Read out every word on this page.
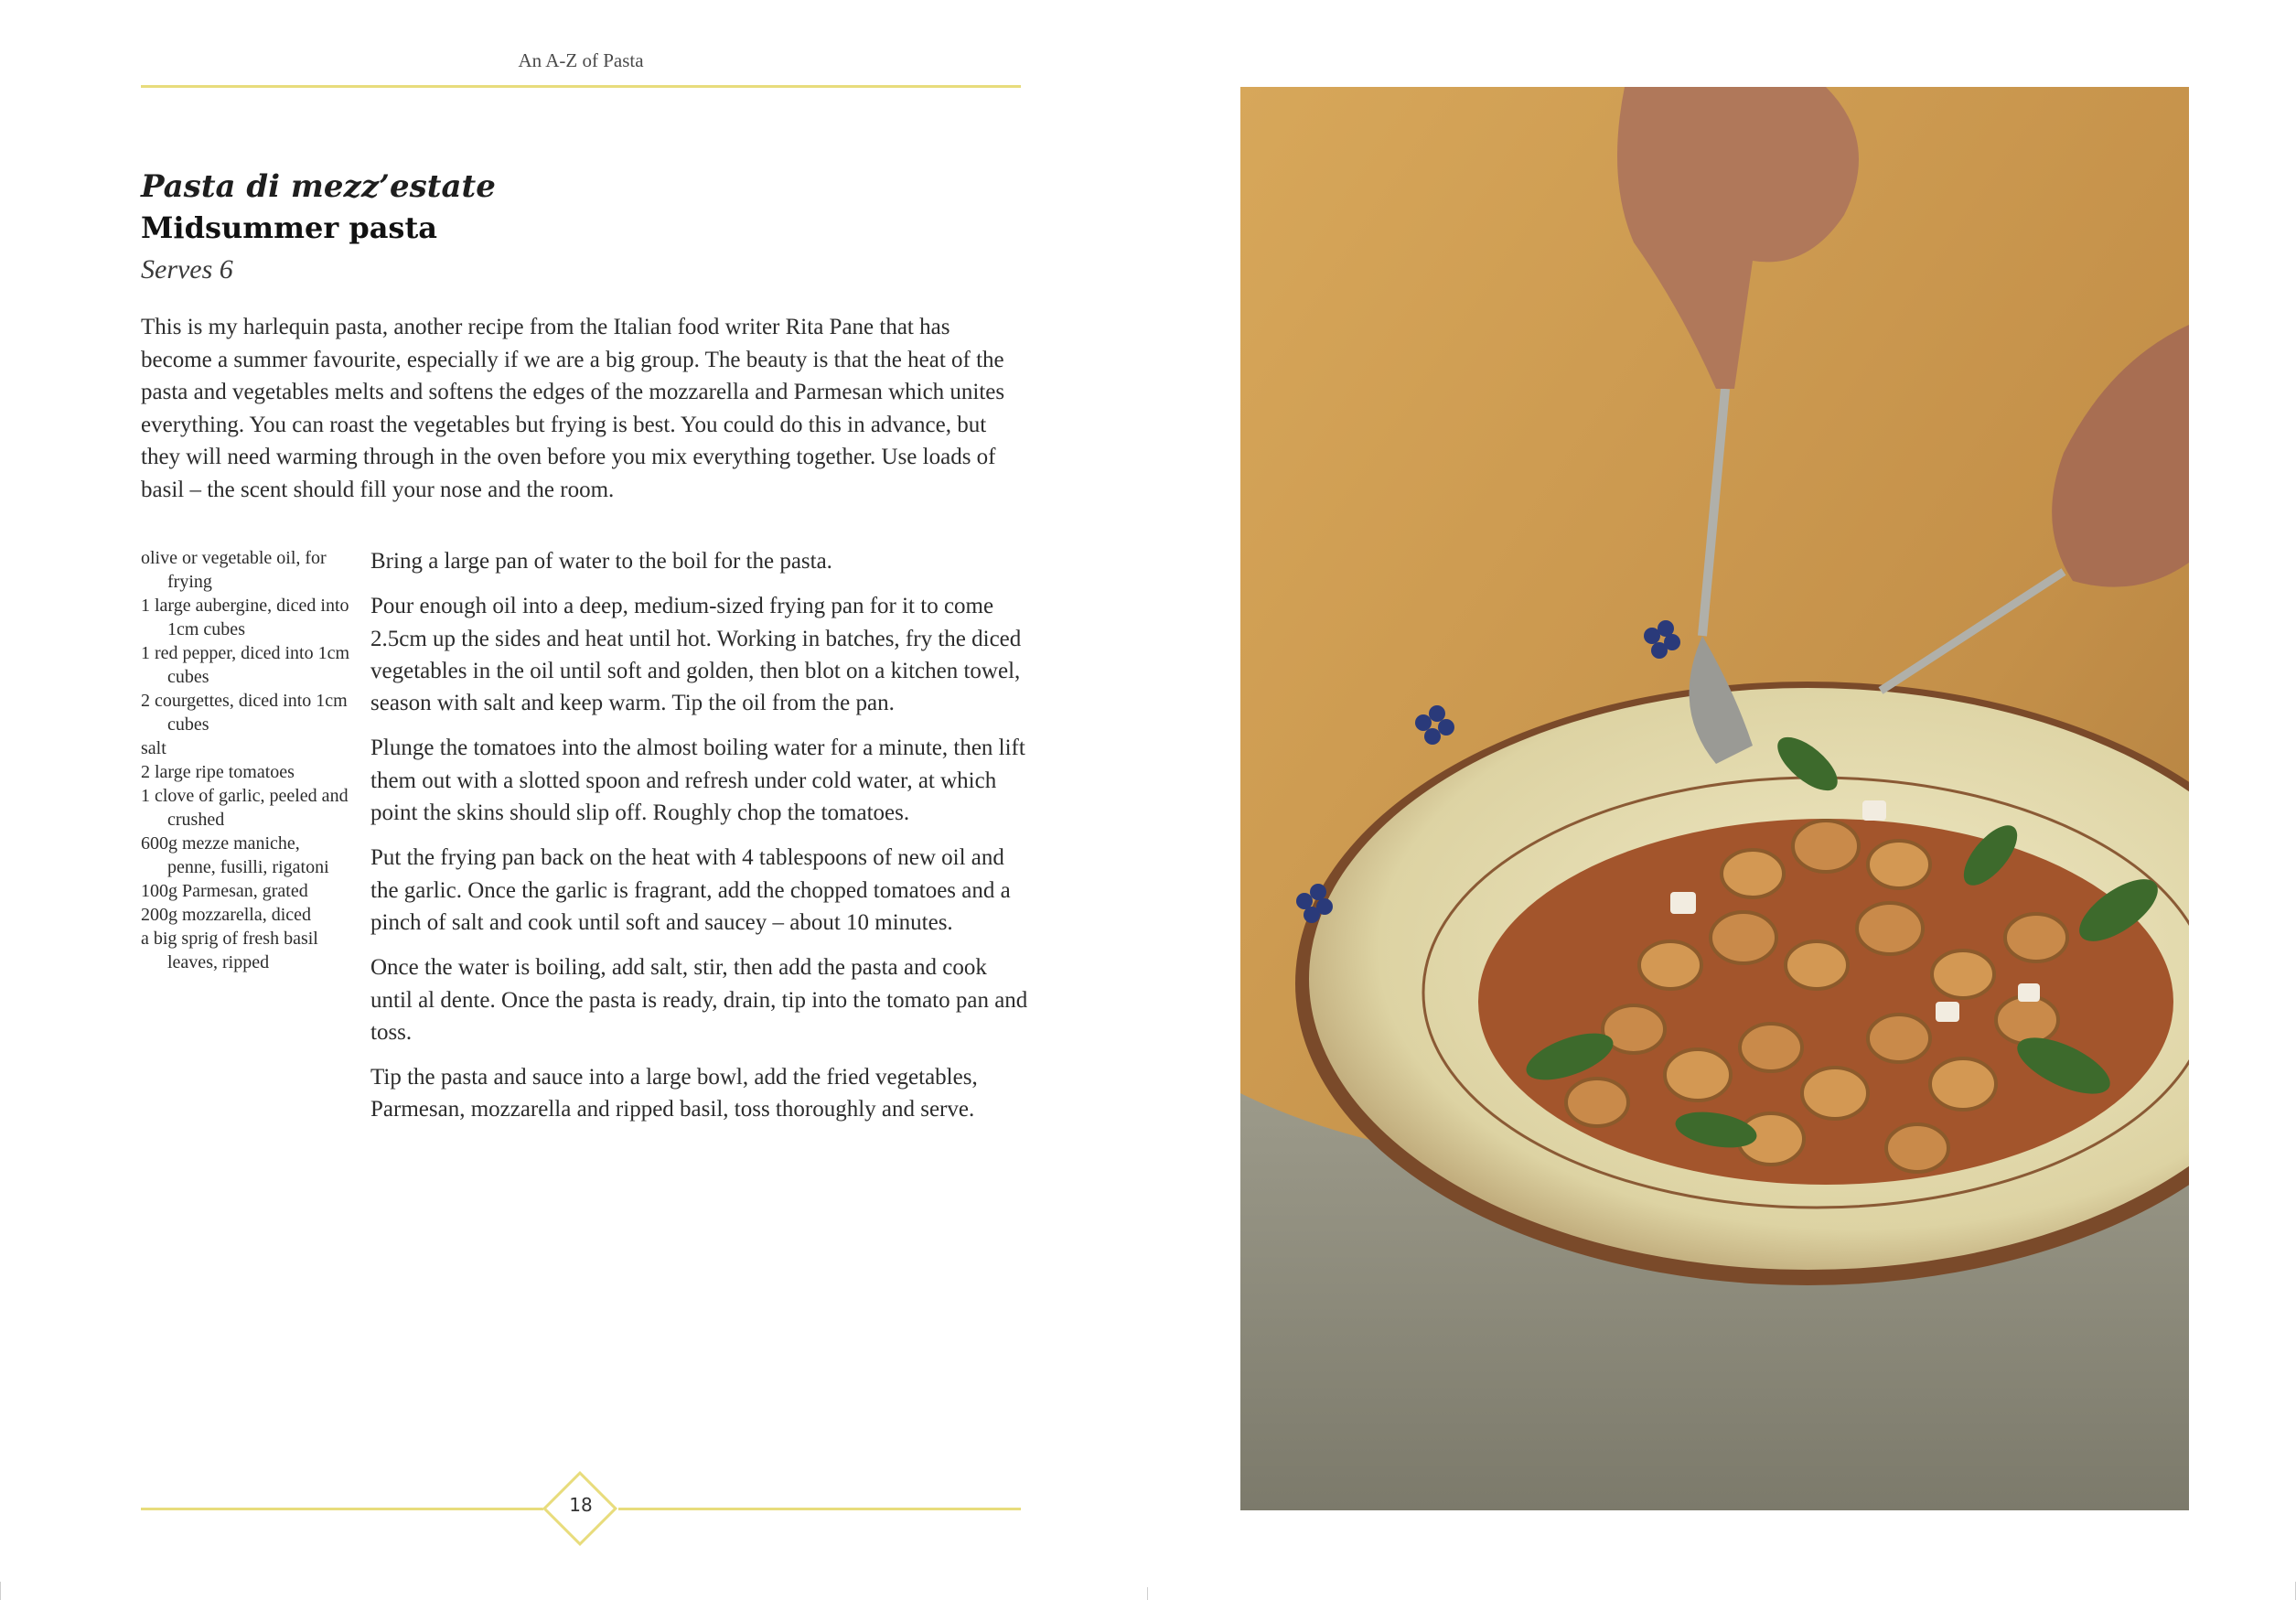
An A-Z of Pasta
Pasta di mezz’estate
Midsummer pasta
Serves 6

This is my harlequin pasta, another recipe from the Italian food writer Rita Pane that has become a summer favourite, especially if we are a big group. The beauty is that the heat of the pasta and vegetables melts and softens the edges of the mozzarella and Parmesan which unites everything. You can roast the vegetables but frying is best. You could do this in advance, but they will need warming through in the oven before you mix everything together. Use loads of basil – the scent should fill your nose and the room.

olive or vegetable oil, for frying
1 large aubergine, diced into 1cm cubes
1 red pepper, diced into 1cm cubes
2 courgettes, diced into 1cm cubes
salt
2 large ripe tomatoes
1 clove of garlic, peeled and crushed
600g mezze maniche, penne, fusilli, rigatoni
100g Parmesan, grated
200g mozzarella, diced
a big sprig of fresh basil leaves, ripped

Bring a large pan of water to the boil for the pasta.

Pour enough oil into a deep, medium-sized frying pan for it to come 2.5cm up the sides and heat until hot. Working in batches, fry the diced vegetables in the oil until soft and golden, then blot on a kitchen towel, season with salt and keep warm. Tip the oil from the pan.

Plunge the tomatoes into the almost boiling water for a minute, then lift them out with a slotted spoon and refresh under cold water, at which point the skins should slip off. Roughly chop the tomatoes.

Put the frying pan back on the heat with 4 tablespoons of new oil and the garlic. Once the garlic is fragrant, add the chopped tomatoes and a pinch of salt and cook until soft and saucey – about 10 minutes.

Once the water is boiling, add salt, stir, then add the pasta and cook until al dente. Once the pasta is ready, drain, tip into the tomato pan and toss.

Tip the pasta and sauce into a large bowl, add the fried vegetables, Parmesan, mozzarella and ripped basil, toss thoroughly and serve.

18
